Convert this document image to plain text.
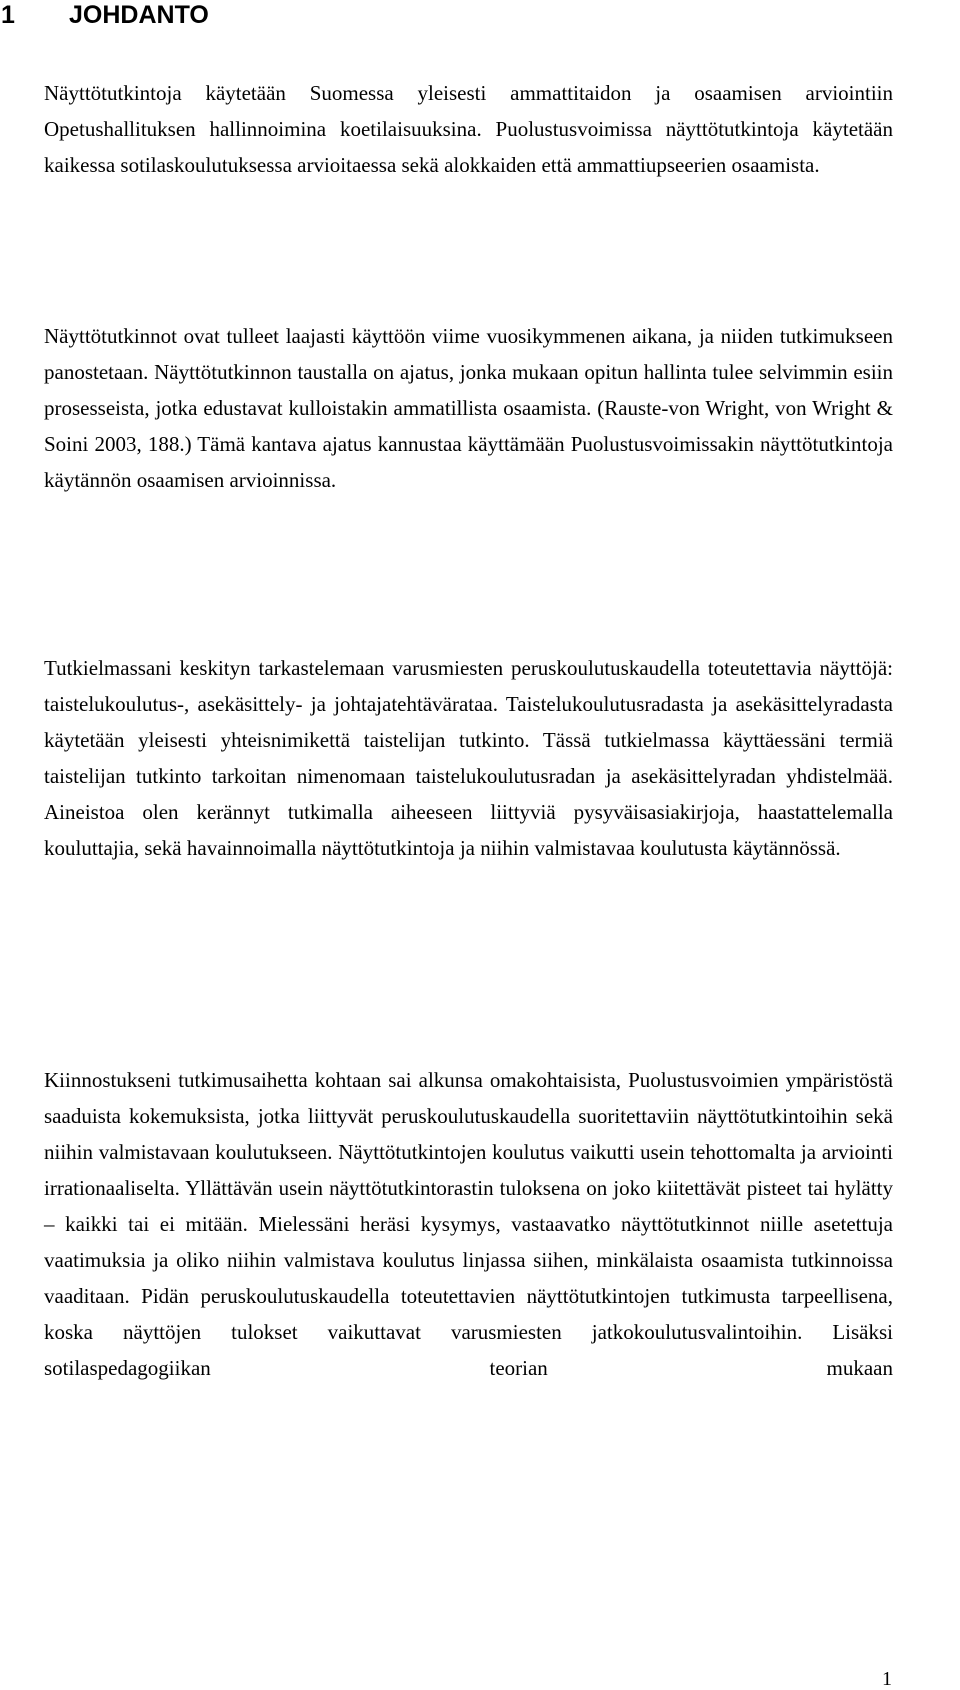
1 JOHDANTO

Näyttötutkintoja käytetään Suomessa yleisesti ammattitaidon ja osaamisen arviointiin Opetushallituksen hallinnoimina koetilaisuuksina. Puolustusvoimissa näyttötutkintoja käytetään kaikessa sotilaskoulutuksessa arvioitaessa sekä alokkaiden että ammattiupseerien osaamista.

Näyttötutkinnot ovat tulleet laajasti käyttöön viime vuosikymmenen aikana, ja niiden tutkimukseen panostetaan. Näyttötutkinnon taustalla on ajatus, jonka mukaan opitun hallinta tulee selvimmin esiin prosesseista, jotka edustavat kulloistakin ammatillista osaamista. (Rauste-von Wright, von Wright & Soini 2003, 188.) Tämä kantava ajatus kannustaa käyttämään Puolustusvoimissakin näyttötutkintoja käytännön osaamisen arvioinnissa.

Tutkielmassani keskityn tarkastelemaan varusmiesten peruskoulutuskaudella toteutettavia näyttöjä: taistelukoulutus-, asekäsittely- ja johtajatehtävärataa. Taistelukoulutusradasta ja asekäsittelyradasta käytetään yleisesti yhteisnimikettä taistelijan tutkinto. Tässä tutkielmassa käyttäessäni termiä taistelijan tutkinto tarkoitan nimenomaan taistelukoulutusradan ja asekäsittelyradan yhdistelmää. Aineistoa olen kerännyt tutkimalla aiheeseen liittyviä pysyväisasiakirjoja, haastattelemalla kouluttajia, sekä havainnoimalla näyttötutkintoja ja niihin valmistavaa koulutusta käytännössä.

Kiinnostukseni tutkimusaihetta kohtaan sai alkunsa omakohtaisista, Puolustusvoimien ympäristöstä saaduista kokemuksista, jotka liittyvät peruskoulutuskaudella suoritettaviin näyttötutkintoihin sekä niihin valmistavaan koulutukseen. Näyttötutkintojen koulutus vaikutti usein tehottomalta ja arviointi irrationaaliselta. Yllättävän usein näyttötutkintorastin tuloksena on joko kiitettävät pisteet tai hylätty – kaikki tai ei mitään. Mielessäni heräsi kysymys, vastaavatko näyttötutkinnot niille asetettuja vaatimuksia ja oliko niihin valmistava koulutus linjassa siihen, minkälaista osaamista tutkinnoissa vaaditaan. Pidän peruskoulutuskaudella toteutettavien näyttötutkintojen tutkimusta tarpeellisena, koska näyttöjen tulokset vaikuttavat varusmiesten jatkokoulutusvalintoihin. Lisäksi sotilaspedagogiikan teorian mukaan

1
